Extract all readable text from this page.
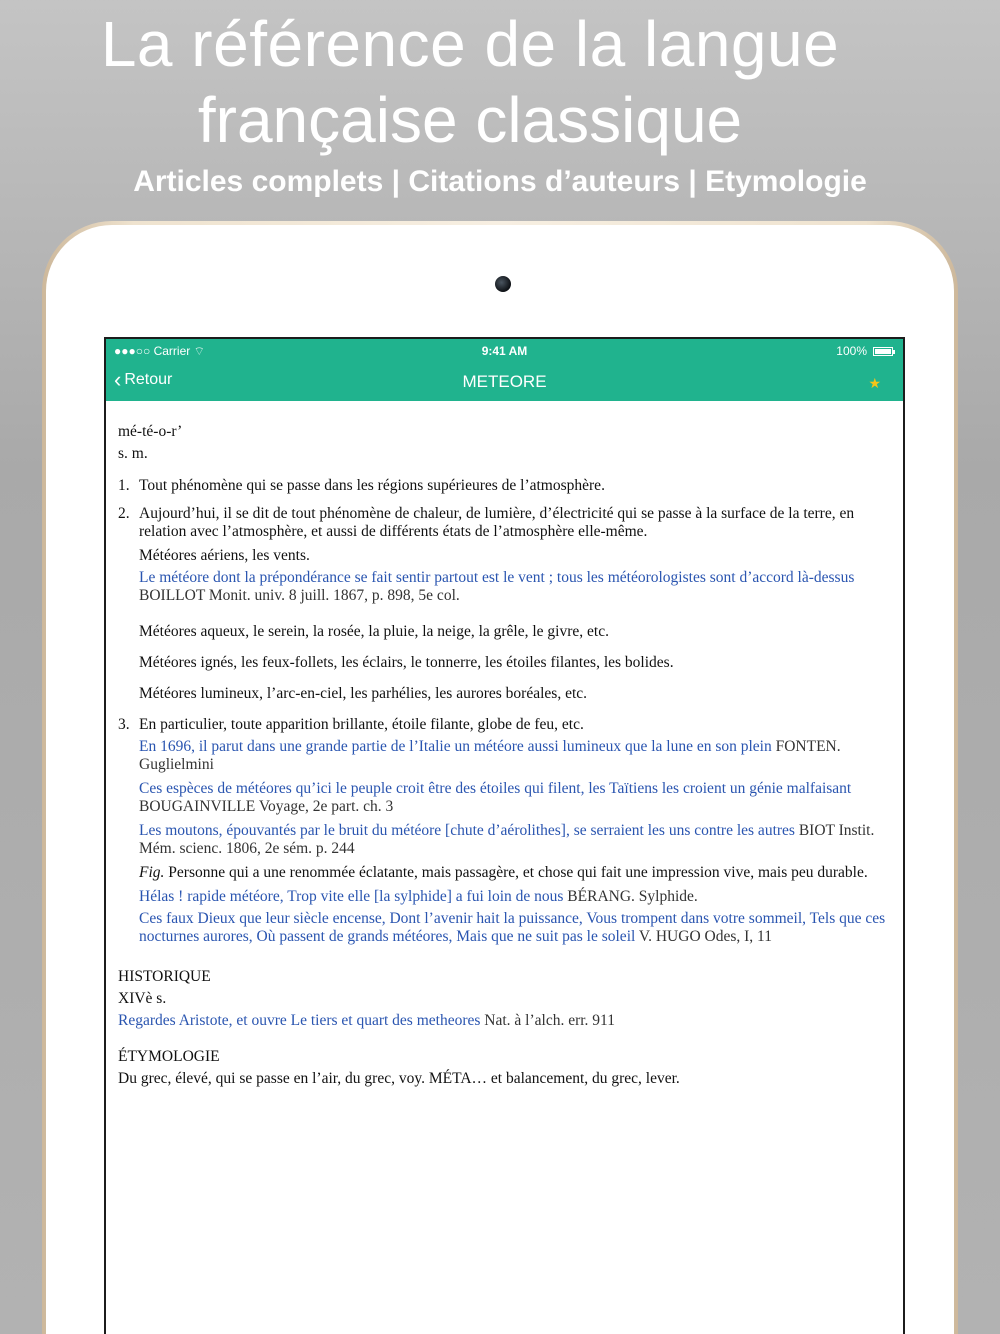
La référence de la langue
française classique
Articles complets | Citations d’auteurs | Etymologie
●●●○○ Carrier ⌔	9:41 AM	100%
‹ Retour	METEORE	★
mé-té-o-r’
s. m.
1. Tout phénomène qui se passe dans les régions supérieures de l’atmosphère.
2. Aujourd’hui, il se dit de tout phénomène de chaleur, de lumière, d’électricité qui se passe à la surface de la terre, en relation avec l’atmosphère, et aussi de différents états de l’atmosphère elle-même.
Météores aériens, les vents.
Le météore dont la prépondérance se fait sentir partout est le vent ; tous les météorologistes sont d’accord là-dessus BOILLOT Monit. univ. 8 juill. 1867, p. 898, 5e col.
Météores aqueux, le serein, la rosée, la pluie, la neige, la grêle, le givre, etc.
Météores ignés, les feux-follets, les éclairs, le tonnerre, les étoiles filantes, les bolides.
Météores lumineux, l’arc-en-ciel, les parhélies, les aurores boréales, etc.
3. En particulier, toute apparition brillante, étoile filante, globe de feu, etc.
En 1696, il parut dans une grande partie de l’Italie un météore aussi lumineux que la lune en son plein FONTEN. Guglielmini
Ces espèces de météores qu’ici le peuple croit être des étoiles qui filent, les Taïtiens les croient un génie malfaisant BOUGAINVILLE Voyage, 2e part. ch. 3
Les moutons, épouvantés par le bruit du météore [chute d’aérolithes], se serraient les uns contre les autres BIOT Instit. Mém. scienc. 1806, 2e sém. p. 244
Fig. Personne qui a une renommée éclatante, mais passagère, et chose qui fait une impression vive, mais peu durable.
Hélas ! rapide météore, Trop vite elle [la sylphide] a fui loin de nous BÉRANG. Sylphide.
Ces faux Dieux que leur siècle encense, Dont l’avenir hait la puissance, Vous trompent dans votre sommeil, Tels que ces nocturnes aurores, Où passent de grands météores, Mais que ne suit pas le soleil V. HUGO Odes, I, 11
HISTORIQUE
XIVè s.
Regardes Aristote, et ouvre Le tiers et quart des metheores Nat. à l’alch. err. 911
ÉTYMOLOGIE
Du grec, élevé, qui se passe en l’air, du grec, voy. MÉTA… et balancement, du grec, lever.
